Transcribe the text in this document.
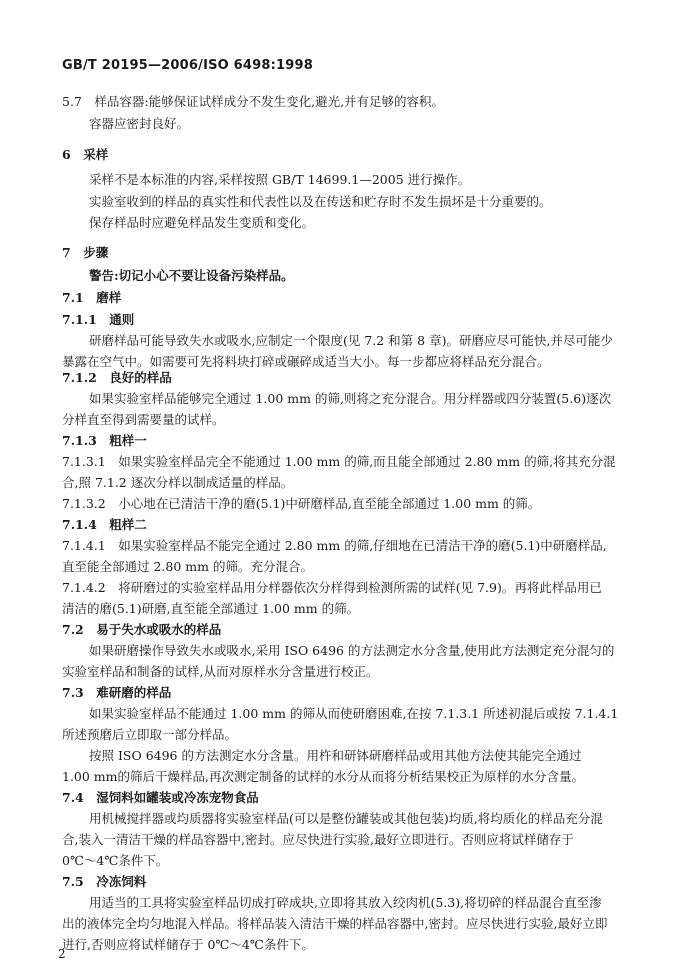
GB/T 20195—2006/ISO 6498:1998
5.7　样品容器:能够保证试样成分不发生变化,避光,并有足够的容积。
容器应密封良好。
6　采样
采样不是本标准的内容,采样按照 GB/T 14699.1—2005 进行操作。
实验室收到的样品的真实性和代表性以及在传送和贮存时不发生损坏是十分重要的。
保存样品时应避免样品发生变质和变化。
7　步骤
警告:切记小心不要让设备污染样品。
7.1　磨样
7.1.1　通则
研磨样品可能导致失水或吸水,应制定一个限度(见 7.2 和第 8 章)。研磨应尽可能快,并尽可能少
暴露在空气中。如需要可先将料块打碎或碾碎成适当大小。每一步都应将样品充分混合。
7.1.2　良好的样品
如果实验室样品能够完全通过 1.00 mm 的筛,则将之充分混合。用分样器或四分装置(5.6)逐次
分样直至得到需要量的试样。
7.1.3　粗样一
7.1.3.1　如果实验室样品完全不能通过 1.00 mm 的筛,而且能全部通过 2.80 mm 的筛,将其充分混
合,照 7.1.2 逐次分样以制成适量的样品。
7.1.3.2　小心地在已清洁干净的磨(5.1)中研磨样品,直至能全部通过 1.00 mm 的筛。
7.1.4　粗样二
7.1.4.1　如果实验室样品不能完全通过 2.80 mm 的筛,仔细地在已清洁干净的磨(5.1)中研磨样品,
直至能全部通过 2.80 mm 的筛。充分混合。
7.1.4.2　将研磨过的实验室样品用分样器依次分样得到检测所需的试样(见 7.9)。再将此样品用已
清洁的磨(5.1)研磨,直至能全部通过 1.00 mm 的筛。
7.2　易于失水或吸水的样品
如果研磨操作导致失水或吸水,采用 ISO 6496 的方法测定水分含量,使用此方法测定充分混匀的
实验室样品和制备的试样,从而对原样水分含量进行校正。
7.3　难研磨的样品
如果实验室样品不能通过 1.00 mm 的筛从而使研磨困难,在按 7.1.3.1 所述初混后或按 7.1.4.1
所述预磨后立即取一部分样品。
按照 ISO 6496 的方法测定水分含量。用杵和研钵研磨样品或用其他方法使其能完全通过
1.00 mm的筛后干燥样品,再次测定制备的试样的水分从而将分析结果校正为原样的水分含量。
7.4　湿饲料如罐装或冷冻宠物食品
用机械搅拌器或均质器将实验室样品(可以是整份罐装或其他包装)均质,将均质化的样品充分混
合,装入一清洁干燥的样品容器中,密封。应尽快进行实验,最好立即进行。否则应将试样储存于
0℃～4℃条件下。
7.5　冷冻饲料
用适当的工具将实验室样品切成打碎成块,立即将其放入绞肉机(5.3),将切碎的样品混合直至渗
出的液体完全均匀地混入样品。将样品装入清洁干燥的样品容器中,密封。应尽快进行实验,最好立即
进行,否则应将试样储存于 0℃～4℃条件下。
2
